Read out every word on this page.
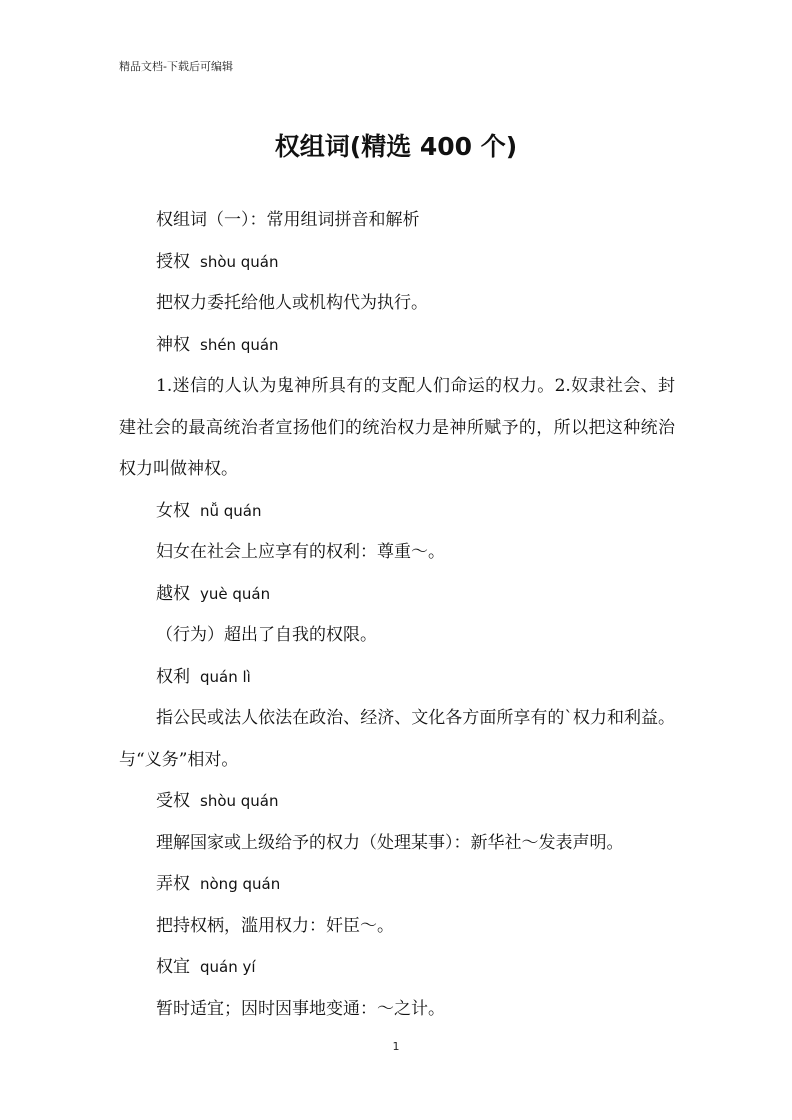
精品文档-下载后可编辑
权组词(精选 400 个)

权组词（一）：常用组词拼音和解析

授权 shòu quán

把权力委托给他人或机构代为执行。

神权 shén quán

1.迷信的人认为鬼神所具有的支配人们命运的权力。2.奴隶社会、封建社会的最高统治者宣扬他们的统治权力是神所赋予的，所以把这种统治权力叫做神权。

女权 nǚ quán

妇女在社会上应享有的权利：尊重～。

越权 yuè quán

（行为）超出了自我的权限。

权利 quán lì

指公民或法人依法在政治、经济、文化各方面所享有的`权力和利益。与“义务”相对。

受权 shòu quán

理解国家或上级给予的权力（处理某事）：新华社～发表声明。

弄权 nòng quán

把持权柄，滥用权力：奸臣～。

权宜 quán yí

暂时适宜；因时因事地变通：～之计。

1
